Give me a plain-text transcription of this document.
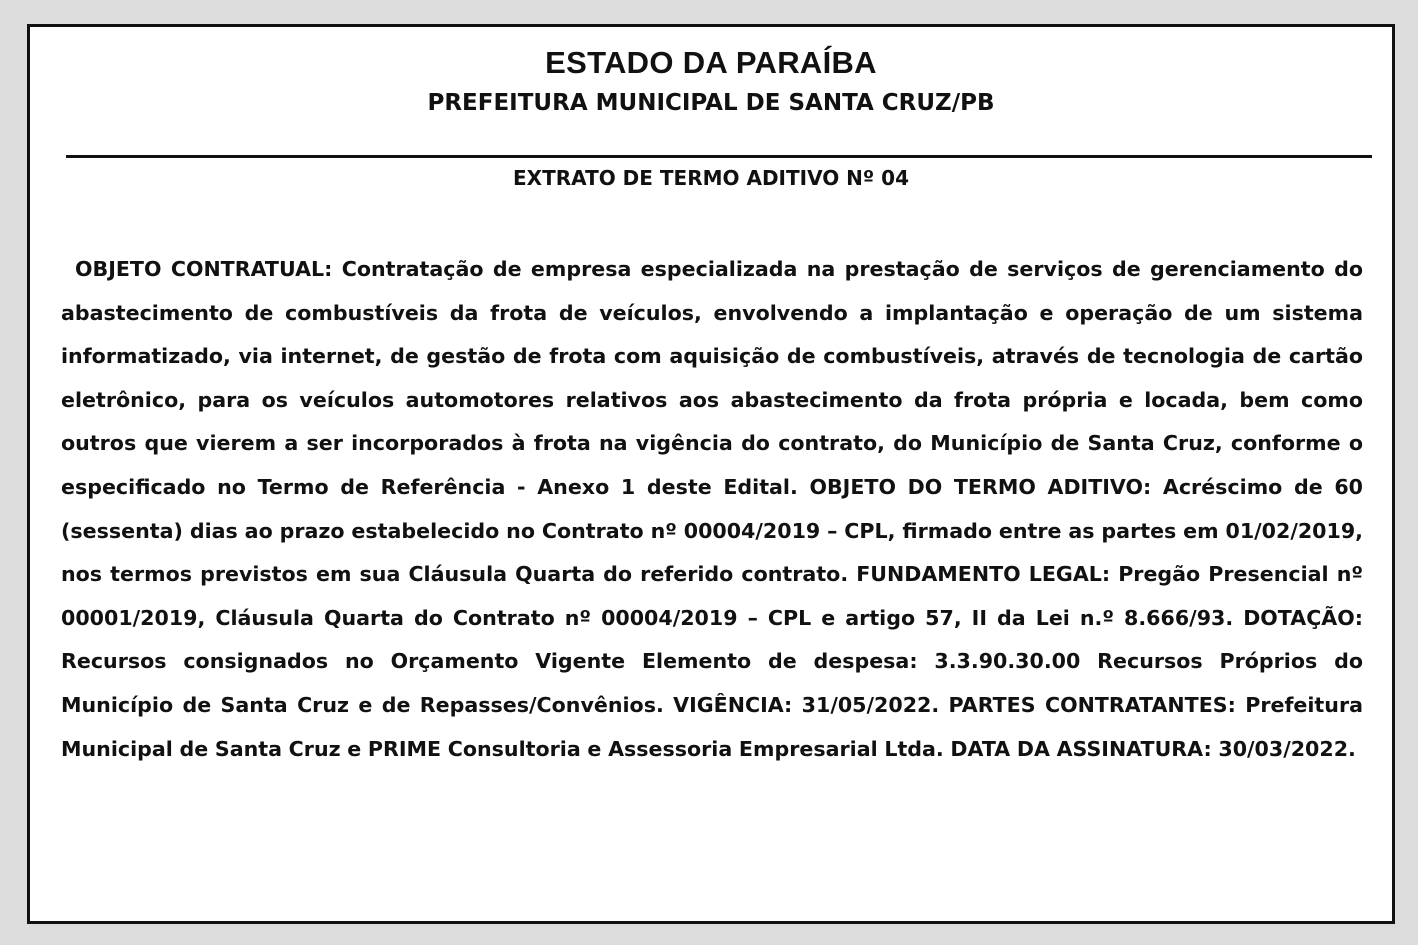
ESTADO DA PARAÍBA
PREFEITURA MUNICIPAL DE SANTA CRUZ/PB
EXTRATO DE TERMO ADITIVO Nº 04

OBJETO CONTRATUAL: Contratação de empresa especializada na prestação de serviços de gerenciamento do abastecimento de combustíveis da frota de veículos, envolvendo a implantação e operação de um sistema informatizado, via internet, de gestão de frota com aquisição de combustíveis, através de tecnologia de cartão eletrônico, para os veículos automotores relativos aos abastecimento da frota própria e locada, bem como outros que vierem a ser incorporados à frota na vigência do contrato, do Município de Santa Cruz, conforme o especificado no Termo de Referência - Anexo 1 deste Edital. OBJETO DO TERMO ADITIVO: Acréscimo de 60 (sessenta) dias ao prazo estabelecido no Contrato nº 00004/2019 – CPL, firmado entre as partes em 01/02/2019, nos termos previstos em sua Cláusula Quarta do referido contrato. FUNDAMENTO LEGAL: Pregão Presencial nº 00001/2019, Cláusula Quarta do Contrato nº 00004/2019 – CPL e artigo 57, II da Lei n.º 8.666/93. DOTAÇÃO: Recursos consignados no Orçamento Vigente Elemento de despesa: 3.3.90.30.00 Recursos Próprios do Município de Santa Cruz e de Repasses/Convênios. VIGÊNCIA: 31/05/2022. PARTES CONTRATANTES: Prefeitura Municipal de Santa Cruz e PRIME Consultoria e Assessoria Empresarial Ltda. DATA DA ASSINATURA: 30/03/2022.
